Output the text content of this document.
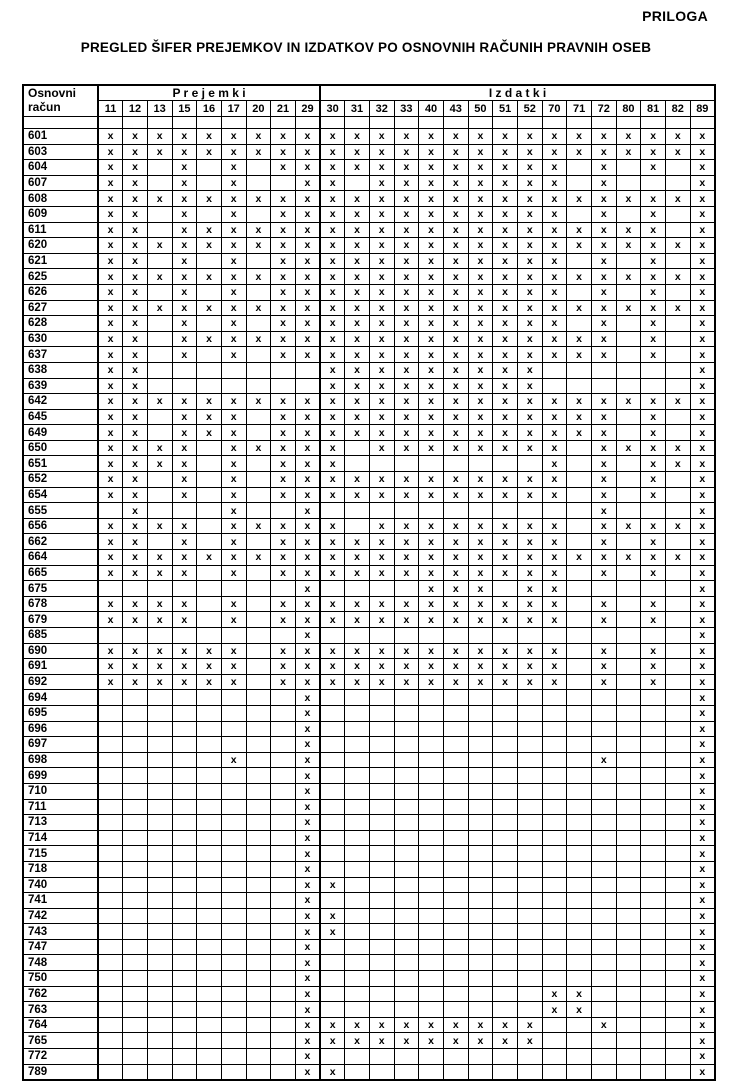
PRILOGA
PREGLED ŠIFER PREJEMKOV IN IZDATKOV PO OSNOVNIH RAČUNIH PRAVNIH OSEB
Osnovni
račun	P r e j e m k i									I z d a t k i															
	11	12	13	15	16	17	20	21	29	30	31	32	33	40	43	50	51	52	70	71	72	80	81	82	89

601	x	x	x	x	x	x	x	x	x	x	x	x	x	x	x	x	x	x	x	x	x	x	x	x	x
603	x	x	x	x	x	x	x	x	x	x	x	x	x	x	x	x	x	x	x	x	x	x	x	x	x
604	x	x		x		x		x	x	x	x	x	x	x	x	x	x	x	x		x		x		x
607	x	x		x		x			x	x		x	x	x	x	x	x	x	x		x				x
608	x	x	x	x	x	x	x	x	x	x	x	x	x	x	x	x	x	x	x	x	x	x	x	x	x
609	x	x		x		x		x	x	x	x	x	x	x	x	x	x	x	x		x		x		x
611	x	x		x	x	x	x	x	x	x	x	x	x	x	x	x	x	x	x	x	x	x	x		x
620	x	x	x	x	x	x	x	x	x	x	x	x	x	x	x	x	x	x	x	x	x	x	x	x	x
621	x	x		x		x		x	x	x	x	x	x	x	x	x	x	x	x		x		x		x
625	x	x	x	x	x	x	x	x	x	x	x	x	x	x	x	x	x	x	x	x	x	x	x	x	x
626	x	x		x		x		x	x	x	x	x	x	x	x	x	x	x	x		x		x		x
627	x	x	x	x	x	x	x	x	x	x	x	x	x	x	x	x	x	x	x	x	x	x	x	x	x
628	x	x		x		x		x	x	x	x	x	x	x	x	x	x	x	x		x		x		x
630	x	x		x	x	x	x	x	x	x	x	x	x	x	x	x	x	x	x	x	x		x		x
637	x	x		x		x		x	x	x	x	x	x	x	x	x	x	x	x	x	x		x		x
638	x	x								x	x	x	x	x	x	x	x	x							x
639	x	x								x	x	x	x	x	x	x	x	x							x
642	x	x	x	x	x	x	x	x	x	x	x	x	x	x	x	x	x	x	x	x	x	x	x	x	x
645	x	x		x	x	x		x	x	x	x	x	x	x	x	x	x	x	x	x	x		x		x
649	x	x		x	x	x		x	x	x	x	x	x	x	x	x	x	x	x	x	x		x		x
650	x	x	x	x		x	x	x	x	x		x	x	x	x	x	x	x	x		x	x	x	x	x
651	x	x	x	x		x		x	x	x									x		x		x	x	x
652	x	x		x		x		x	x	x	x	x	x	x	x	x	x	x	x		x		x		x
654	x	x		x		x		x	x	x	x	x	x	x	x	x	x	x	x		x		x		x
655		x				x			x												x				x
656	x	x	x	x		x	x	x	x	x		x	x	x	x	x	x	x	x		x	x	x	x	x
662	x	x		x		x		x	x	x	x	x	x	x	x	x	x	x	x		x		x		x
664	x	x	x	x	x	x	x	x	x	x	x	x	x	x	x	x	x	x	x	x	x	x	x	x	x
665	x	x	x	x		x		x	x	x	x	x	x	x	x	x	x	x	x		x		x		x
675									x					x	x	x		x	x						x
678	x	x	x	x		x		x	x	x	x	x	x	x	x	x	x	x	x		x		x		x
679	x	x	x	x		x		x	x	x	x	x	x	x	x	x	x	x	x		x		x		x
685									x																x
690	x	x	x	x	x	x		x	x	x	x	x	x	x	x	x	x	x	x		x		x		x
691	x	x	x	x	x	x		x	x	x	x	x	x	x	x	x	x	x	x		x		x		x
692	x	x	x	x	x	x		x	x	x	x	x	x	x	x	x	x	x	x		x		x		x
694									x																x
695									x																x
696									x																x
697									x																x
698						x			x												x				x
699									x																x
710									x																x
711									x																x
713									x																x
714									x																x
715									x																x
718									x																x
740									x	x															x
741									x																x
742									x	x															x
743									x	x															x
747									x																x
748									x																x
750									x																x
762									x										x	x					x
763									x										x	x					x
764									x	x	x	x	x	x	x	x	x	x			x				x
765									x	x	x	x	x	x	x	x	x	x							x
772									x																x
789									x	x															x
